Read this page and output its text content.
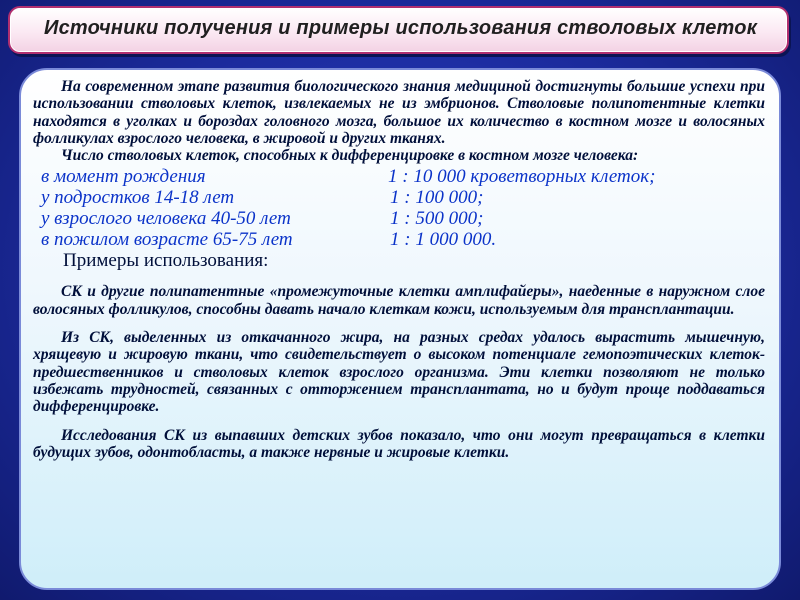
Источники получения и примеры использования стволовых клеток

На современном этапе развития биологического знания медициной достигнуты большие успехи при использовании стволовых клеток, извлекаемых не из эмбрионов. Стволовые полипотентные клетки находятся в уголках и бороздах головного мозга, большое их количество в костном мозге и волосяных фолликулах взрослого человека, в жировой и других тканях.

Число стволовых клеток, способных к дифференцировке в костном мозге человека:

в момент рождения	1 : 10 000 кроветворных клеток;
у подростков 14-18 лет	1 : 100 000;
у взрослого человека 40-50 лет	1 : 500 000;
в пожилом возрасте 65-75 лет	1 : 1 000 000.

Примеры использования:

СК и другие полипатентные «промежуточные клетки амплифайеры», наеденные в наружном слое волосяных фолликулов, способны давать начало клеткам кожи, используемым для трансплантации.

Из СК, выделенных из откачанного жира, на разных средах удалось вырастить мышечную, хрящевую и жировую ткани, что свидетельствует о высоком потенциале гемопоэтических клеток-предшественников и стволовых клеток взрослого организма. Эти клетки позволяют не только избежать трудностей, связанных с отторжением трансплантата, но и будут проще поддаваться дифференцировке.

Исследования СК из выпавших детских зубов показало, что они могут превращаться в клетки будущих зубов, одонтобласты, а также нервные и жировые клетки.
